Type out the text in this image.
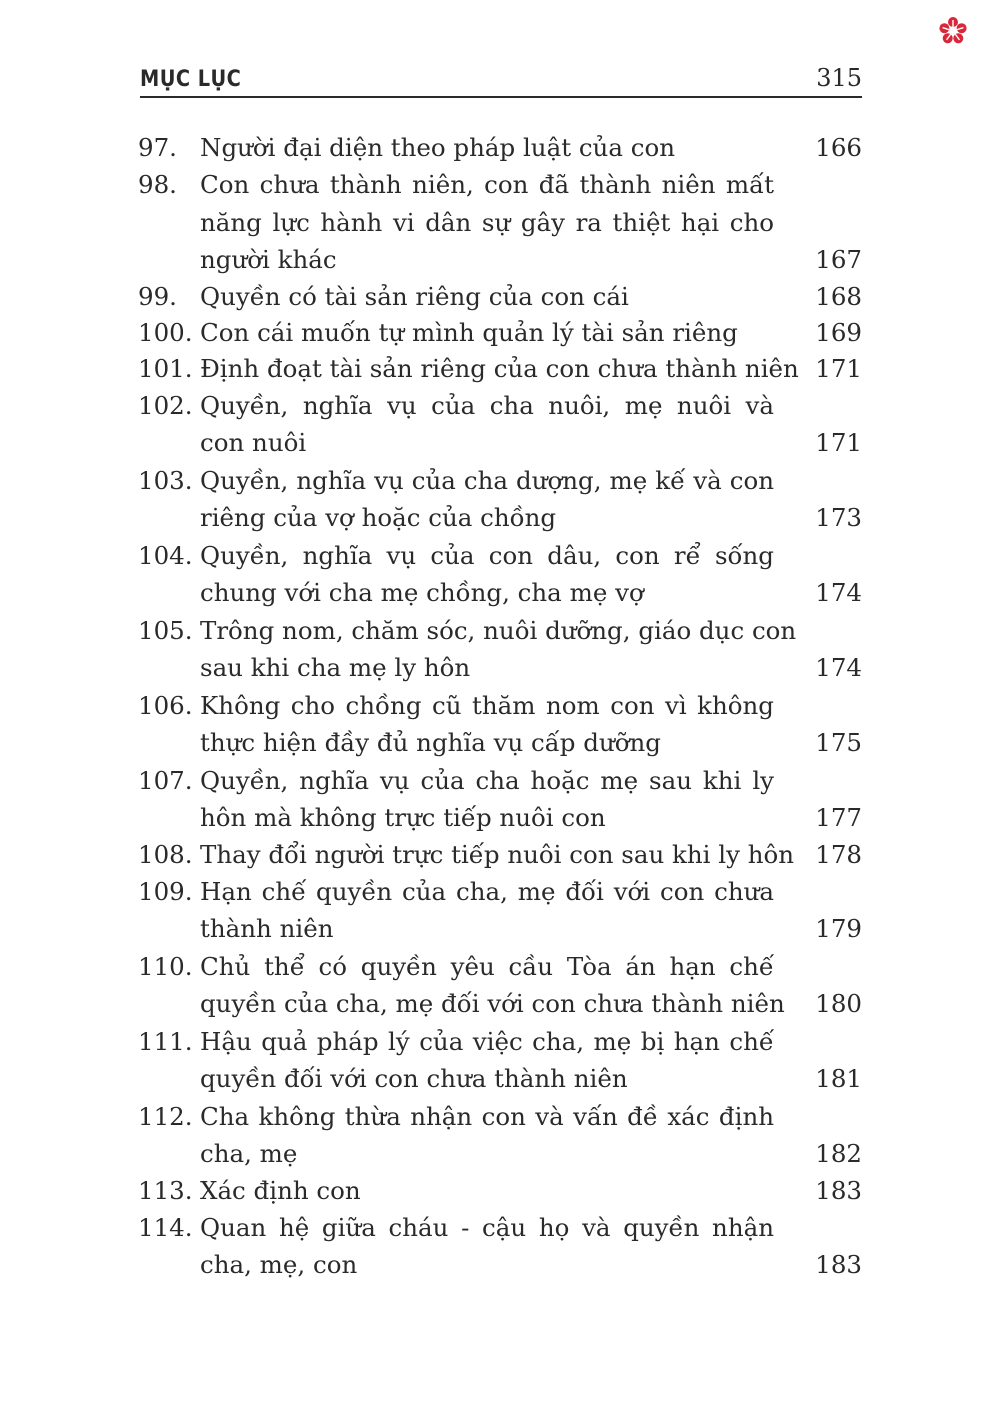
MỤC LỤC	315
97. Người đại diện theo pháp luật của con	166
98. Con chưa thành niên, con đã thành niên mất
năng lực hành vi dân sự gây ra thiệt hại cho
người khác	167
99. Quyền có tài sản riêng của con cái	168
100. Con cái muốn tự mình quản lý tài sản riêng	169
101. Định đoạt tài sản riêng của con chưa thành niên 171
102. Quyền, nghĩa vụ của cha nuôi, mẹ nuôi và
con nuôi	171
103. Quyền, nghĩa vụ của cha dượng, mẹ kế và con
riêng của vợ hoặc của chồng	173
104. Quyền, nghĩa vụ của con dâu, con rể sống
chung với cha mẹ chồng, cha mẹ vợ	174
105. Trông nom, chăm sóc, nuôi dưỡng, giáo dục con
sau khi cha mẹ ly hôn	174
106. Không cho chồng cũ thăm nom con vì không
thực hiện đầy đủ nghĩa vụ cấp dưỡng	175
107. Quyền, nghĩa vụ của cha hoặc mẹ sau khi ly
hôn mà không trực tiếp nuôi con	177
108. Thay đổi người trực tiếp nuôi con sau khi ly hôn 178
109. Hạn chế quyền của cha, mẹ đối với con chưa
thành niên	179
110. Chủ thể có quyền yêu cầu Tòa án hạn chế
quyền của cha, mẹ đối với con chưa thành niên	180
111. Hậu quả pháp lý của việc cha, mẹ bị hạn chế
quyền đối với con chưa thành niên	181
112. Cha không thừa nhận con và vấn đề xác định
cha, mẹ	182
113. Xác định con	183
114. Quan hệ giữa cháu - cậu họ và quyền nhận
cha, mẹ, con	183
